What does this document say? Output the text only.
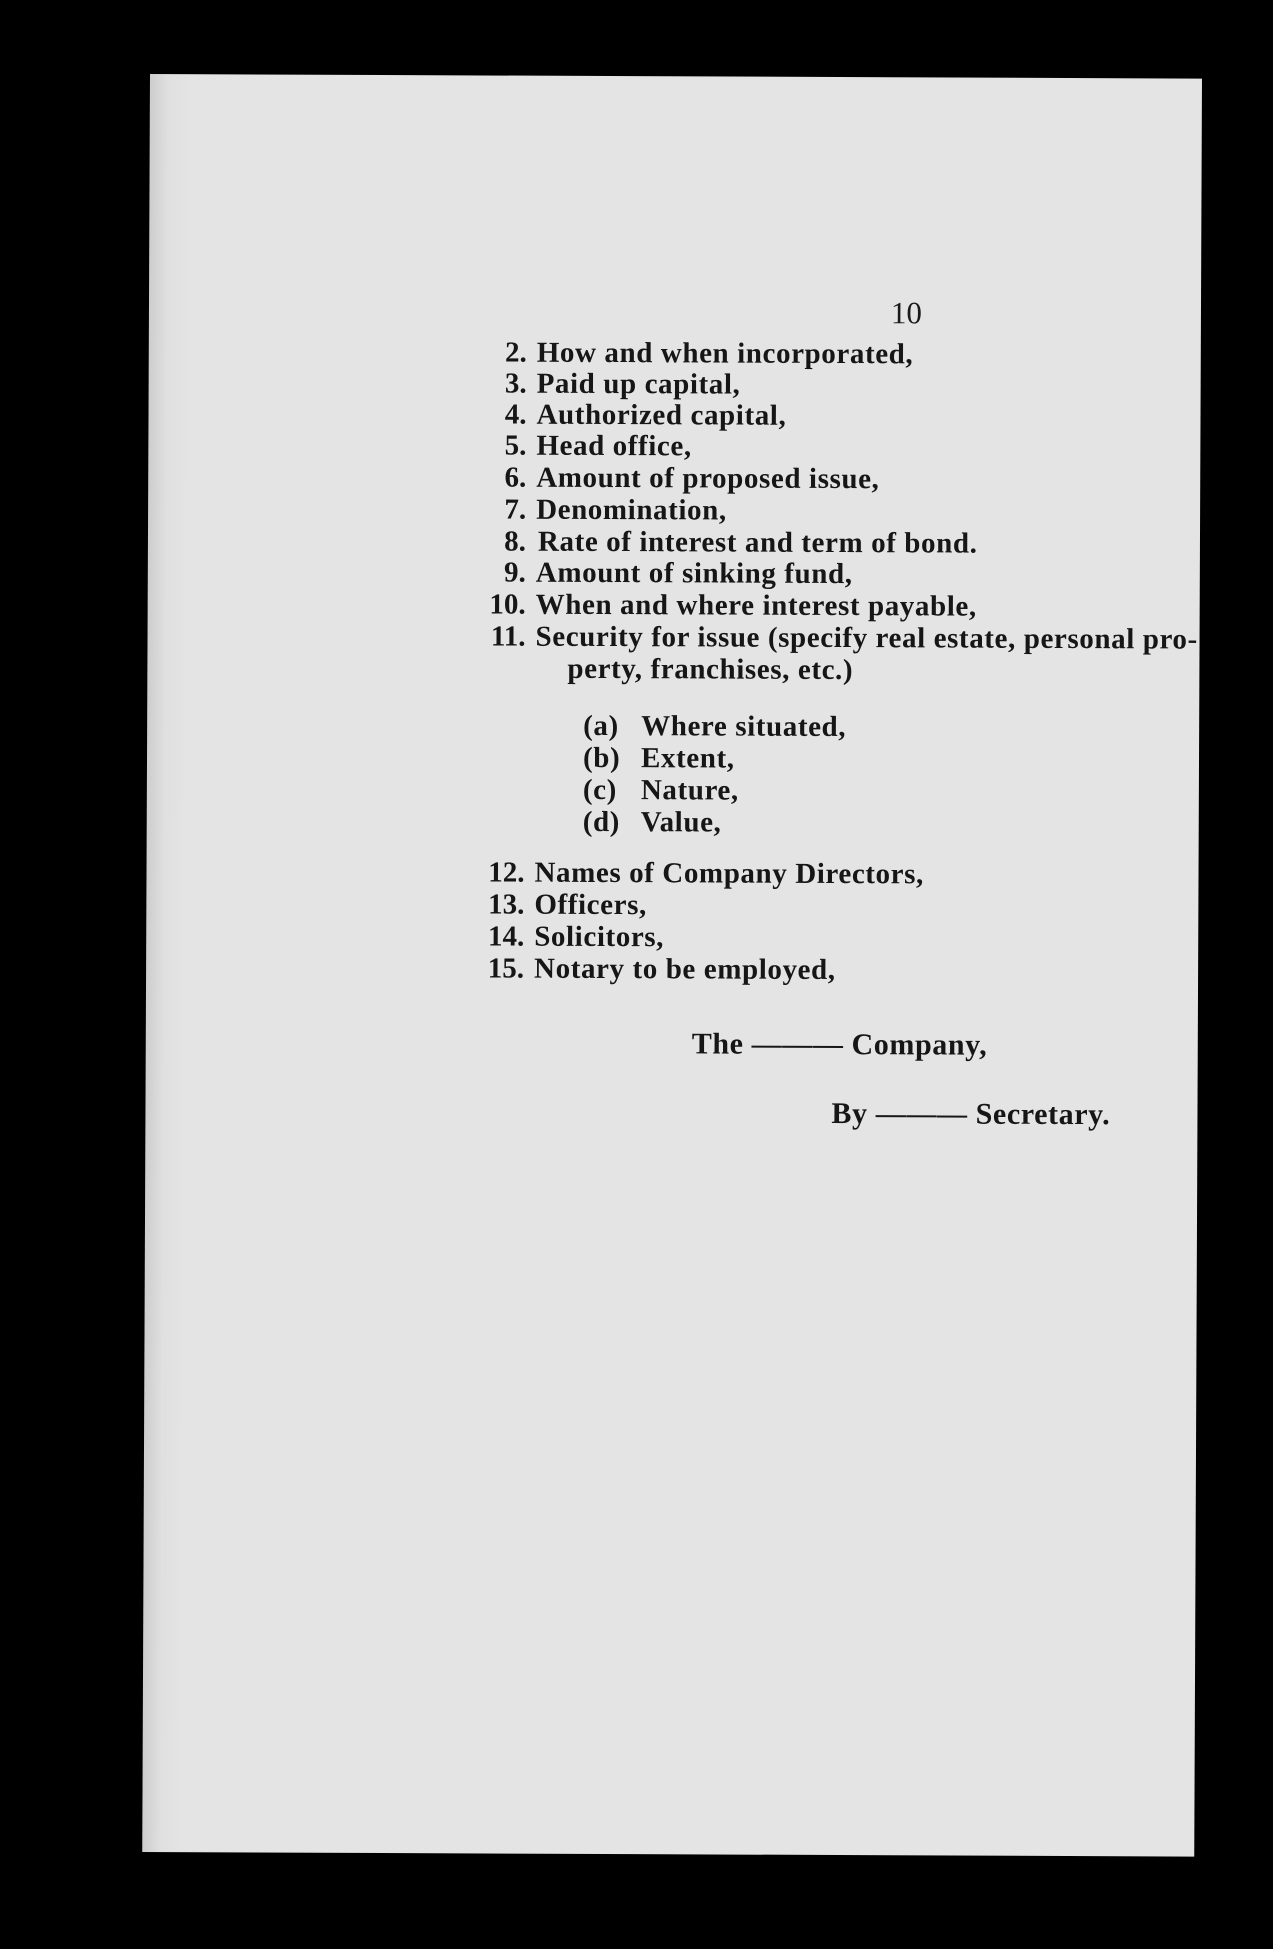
10
2. How and when incorporated,
3. Paid up capital,
4. Authorized capital,
5. Head office,
6. Amount of proposed issue,
7. Denomination,
8. Rate of interest and term of bond.
9. Amount of sinking fund,
10. When and where interest payable,
11. Security for issue (specify real estate, personal pro-
perty, franchises, etc.)
(a) Where situated,
(b) Extent,
(c) Nature,
(d) Value,
12. Names of Company Directors,
13. Officers,
14. Solicitors,
15. Notary to be employed,
The ——— Company,
By ——— Secretary.
